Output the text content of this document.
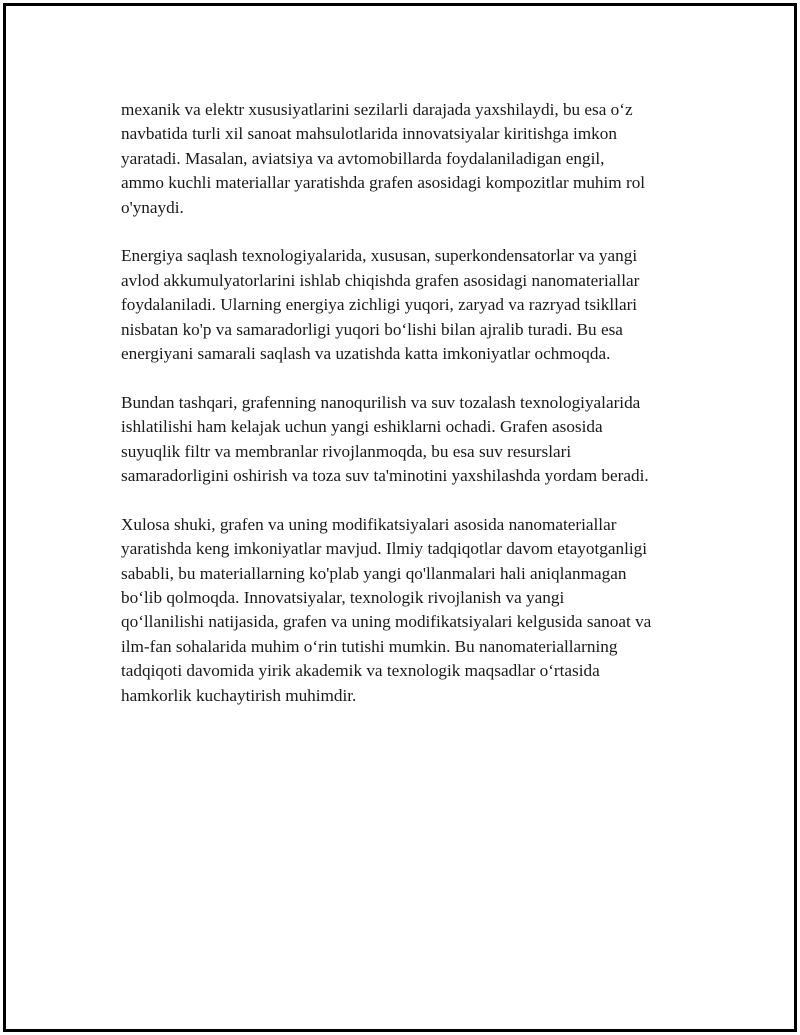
mexanik va elektr xususiyatlarini sezilarli darajada yaxshilaydi, bu esa o‘z
navbatida turli xil sanoat mahsulotlarida innovatsiyalar kiritishga imkon
yaratadi. Masalan, aviatsiya va avtomobillarda foydalaniladigan engil,
ammo kuchli materiallar yaratishda grafen asosidagi kompozitlar muhim rol
o'ynaydi.

Energiya saqlash texnologiyalarida, xususan, superkondensatorlar va yangi
avlod akkumulyatorlarini ishlab chiqishda grafen asosidagi nanomateriallar
foydalaniladi. Ularning energiya zichligi yuqori, zaryad va razryad tsikllari
nisbatan ko'p va samaradorligi yuqori bo‘lishi bilan ajralib turadi. Bu esa
energiyani samarali saqlash va uzatishda katta imkoniyatlar ochmoqda.

Bundan tashqari, grafenning nanoqurilish va suv tozalash texnologiyalarida
ishlatilishi ham kelajak uchun yangi eshiklarni ochadi. Grafen asosida
suyuqlik filtr va membranlar rivojlanmoqda, bu esa suv resurslari
samaradorligini oshirish va toza suv ta'minotini yaxshilashda yordam beradi.

Xulosa shuki, grafen va uning modifikatsiyalari asosida nanomateriallar
yaratishda keng imkoniyatlar mavjud. Ilmiy tadqiqotlar davom etayotganligi
sababli, bu materiallarning ko'plab yangi qo'llanmalari hali aniqlanmagan
bo‘lib qolmoqda. Innovatsiyalar, texnologik rivojlanish va yangi
qo‘llanilishi natijasida, grafen va uning modifikatsiyalari kelgusida sanoat va
ilm-fan sohalarida muhim o‘rin tutishi mumkin. Bu nanomateriallarning
tadqiqoti davomida yirik akademik va texnologik maqsadlar o‘rtasida
hamkorlik kuchaytirish muhimdir.
